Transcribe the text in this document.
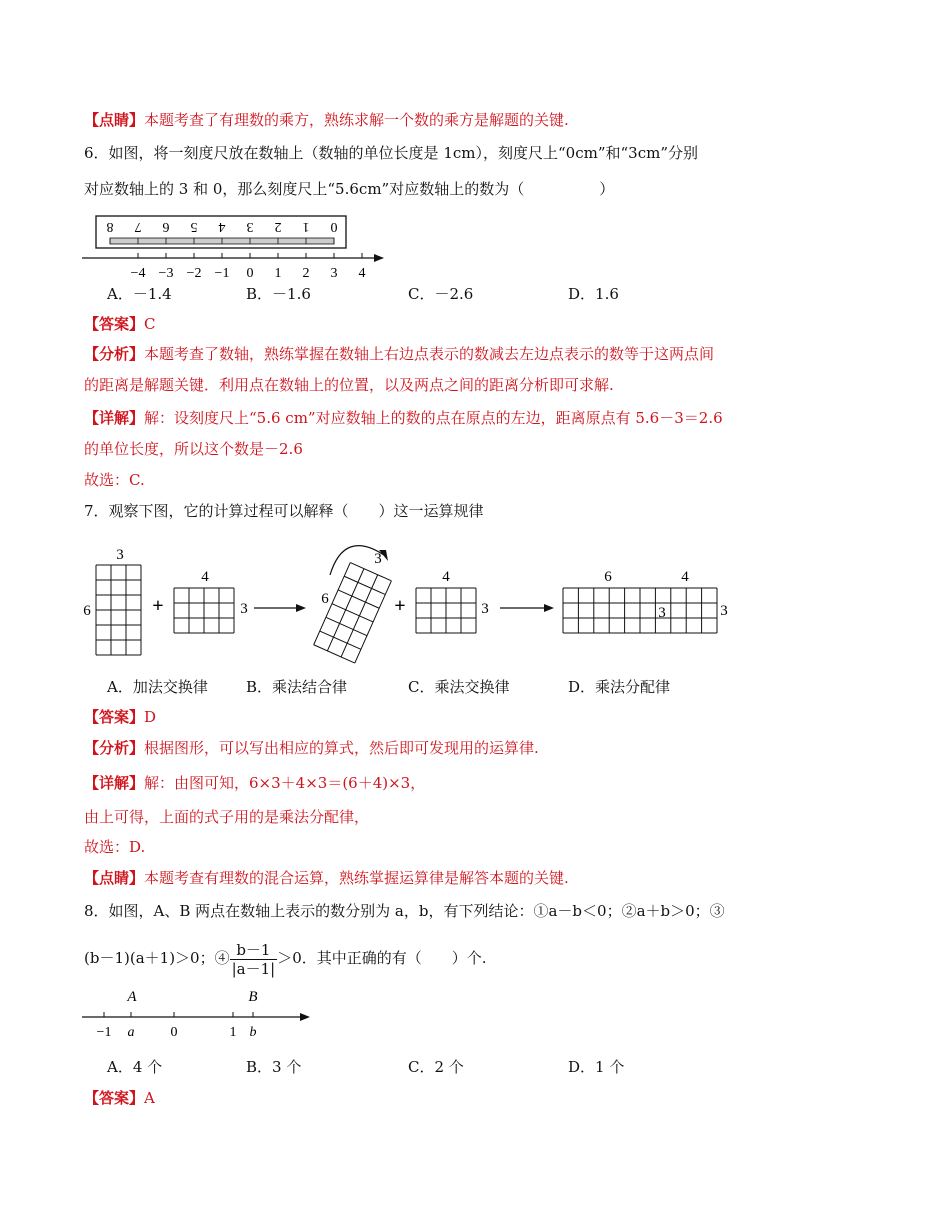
【点睛】本题考查了有理数的乘方，熟练求解一个数的乘方是解题的关键.
6．如图，将一刻度尺放在数轴上（数轴的单位长度是 1cm），刻度尺上“0cm”和“3cm”分别
对应数轴上的 3 和 0，那么刻度尺上“5.6cm”对应数轴上的数为（　　　　　）
8 7 6 5 4 3 2 1 0
−4 −3 −2 −1 0 1 2 3 4
A．－1.4	B．－1.6	C．－2.6	D．1.6
【答案】C
【分析】本题考查了数轴，熟练掌握在数轴上右边点表示的数减去左边点表示的数等于这两点间
的距离是解题关键．利用点在数轴上的位置，以及两点之间的距离分析即可求解.
【详解】解：设刻度尺上“5.6 cm”对应数轴上的数的点在原点的左边，距离原点有 5.6－3＝2.6
的单位长度，所以这个数是－2.6
故选：C.
7．观察下图，它的计算过程可以解释（　　）这一运算规律
3
6	+
4
3
3
6	+
4
3
6	4
3	3
A．加法交换律	B．乘法结合律	C．乘法交换律	D．乘法分配律
【答案】D
【分析】根据图形，可以写出相应的算式，然后即可发现用的运算律.
【详解】解：由图可知，6×3＋4×3＝(6＋4)×3，
由上可得，上面的式子用的是乘法分配律，
故选：D.
【点睛】本题考查有理数的混合运算，熟练掌握运算律是解答本题的关键.
8．如图，A、B 两点在数轴上表示的数分别为 a，b，有下列结论：①a－b＜0；②a＋b＞0；③
(b－1)(a＋1)＞0；④ $\frac{b-1}{|a-1|} >0$．其中正确的有（　　）个.
A	B
−1 a	0	1 b
A．4 个	B．3 个	C．2 个	D．1 个
【答案】A
